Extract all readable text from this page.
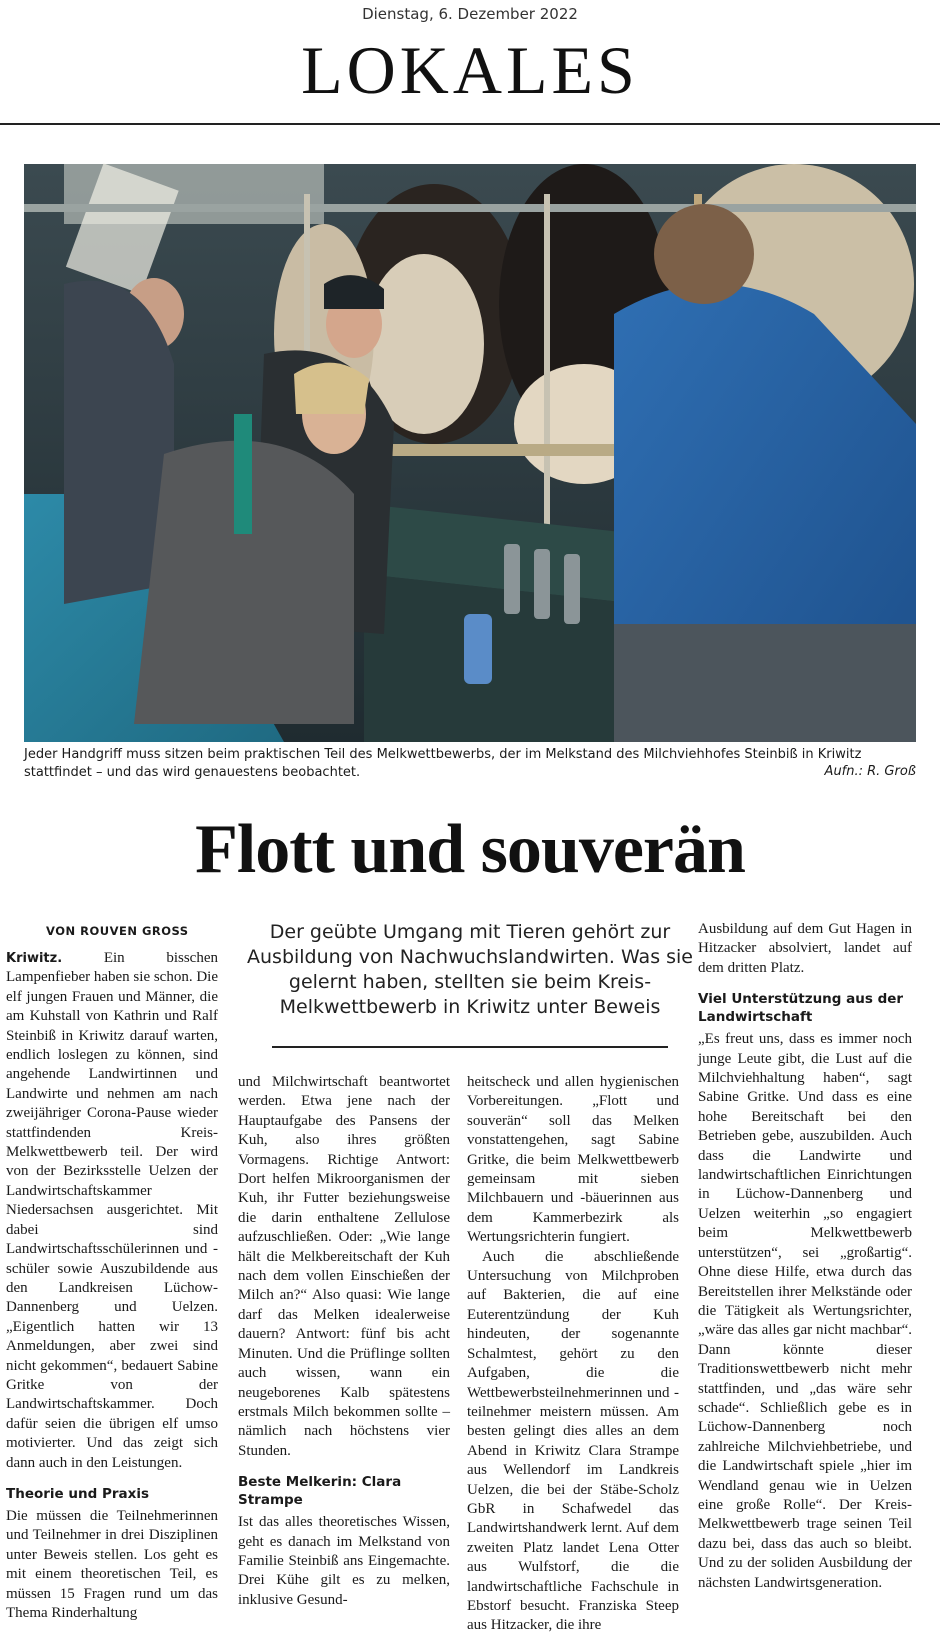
Dienstag, 6. Dezember 2022
LOKALES
Jeder Handgriff muss sitzen beim praktischen Teil des Melkwettbewerbs, der im Melkstand des Milchviehhofes Steinbiß in Kriwitz stattfindet – und das wird genauestens beobachtet.	Aufn.: R. Groß
Flott und souverän
VON ROUVEN GROSS	Der geübte Umgang mit Tieren gehört zur Ausbildung von Nachwuchslandwirten. Was sie gelernt haben, stellten sie beim Kreis-Melkwettbewerb in Kriwitz unter Beweis

Kriwitz.	Ein bisschen Lampenfieber haben sie schon. Die elf jungen Frauen und Männer, die am Kuhstall von Kathrin und Ralf Steinbiß in Kriwitz darauf warten, endlich loslegen zu können, sind angehende Landwirtinnen und Landwirte und nehmen am nach zweijähriger Corona-Pause wieder stattfindenden Kreis-Melkwettbewerb teil. Der wird von der Bezirksstelle Uelzen der Landwirtschaftskammer Niedersachsen ausgerichtet. Mit dabei sind Landwirtschaftsschülerinnen und -schüler sowie Auszubildende aus den Landkreisen Lüchow-Dannenberg und Uelzen. „Eigentlich hatten wir 13 Anmeldungen, aber zwei sind nicht gekommen“, bedauert Sabine Gritke von der Landwirtschaftskammer. Doch dafür seien die übrigen elf umso motivierter. Und das zeigt sich dann auch in den Leistungen.

Theorie und Praxis

Die müssen die Teilnehmerinnen und Teilnehmer in drei Disziplinen unter Beweis stellen. Los geht es mit einem theoretischen Teil, es müssen 15 Fragen rund um das Thema Rinderhaltung

und Milchwirtschaft beantwortet werden. Etwa jene nach der Hauptaufgabe des Pansens der Kuh, also ihres größten Vormagens. Richtige Antwort: Dort helfen Mikroorganismen der Kuh, ihr Futter beziehungsweise die darin enthaltene Zellulose aufzuschließen. Oder: „Wie lange hält die Melkbereitschaft der Kuh nach dem vollen Einschießen der Milch an?“ Also quasi: Wie lange darf das Melken idealerweise dauern? Antwort: fünf bis acht Minuten. Und die Prüflinge sollten auch wissen, wann ein neugeborenes Kalb spätestens erstmals Milch bekommen sollte – nämlich nach höchstens vier Stunden.

Beste Melkerin: Clara Strampe

Ist das alles theoretisches Wissen, geht es danach im Melkstand von Familie Steinbiß ans Eingemachte. Drei Kühe gilt es zu melken, inklusive Gesund-

heitscheck und allen hygienischen Vorbereitungen. „Flott und souverän“ soll das Melken vonstattengehen, sagt Sabine Gritke, die beim Melkwettbewerb gemeinsam mit sieben Milchbauern und -bäuerinnen aus dem Kammerbezirk als Wertungsrichterin fungiert.

Auch die abschließende Untersuchung von Milchproben auf Bakterien, die auf eine Euterentzündung der Kuh hindeuten, der sogenannte Schalmtest, gehört zu den Aufgaben, die die Wettbewerbsteilnehmerinnen und -teilnehmer meistern müssen. Am besten gelingt dies alles an dem Abend in Kriwitz Clara Strampe aus Wellendorf im Landkreis Uelzen, die bei der Stäbe-Scholz GbR in Schafwedel das Landwirtshandwerk lernt. Auf dem zweiten Platz landet Lena Otter aus Wulfstorf, die die landwirtschaftliche Fachschule in Ebstorf besucht. Franziska Steep aus Hitzacker, die ihre

Ausbildung auf dem Gut Hagen in Hitzacker absolviert, landet auf dem dritten Platz.

Viel Unterstützung aus der Landwirtschaft

„Es freut uns, dass es immer noch junge Leute gibt, die Lust auf die Milchviehhaltung haben“, sagt Sabine Gritke. Und dass es eine hohe Bereitschaft bei den Betrieben gebe, auszubilden. Auch dass die Landwirte und landwirtschaftlichen Einrichtungen in Lüchow-Dannenberg und Uelzen weiterhin „so engagiert beim Melkwettbewerb unterstützen“, sei „großartig“. Ohne diese Hilfe, etwa durch das Bereitstellen ihrer Melkstände oder die Tätigkeit als Wertungsrichter, „wäre das alles gar nicht machbar“. Dann könnte dieser Traditionswettbewerb nicht mehr stattfinden, und „das wäre sehr schade“. Schließlich gebe es in Lüchow-Dannenberg noch zahlreiche Milchviehbetriebe, und die Landwirtschaft spiele „hier im Wendland genau wie in Uelzen eine große Rolle“. Der Kreis-Melkwettbewerb trage seinen Teil dazu bei, dass das auch so bleibt. Und zu der soliden Ausbildung der nächsten Landwirtsgeneration.
